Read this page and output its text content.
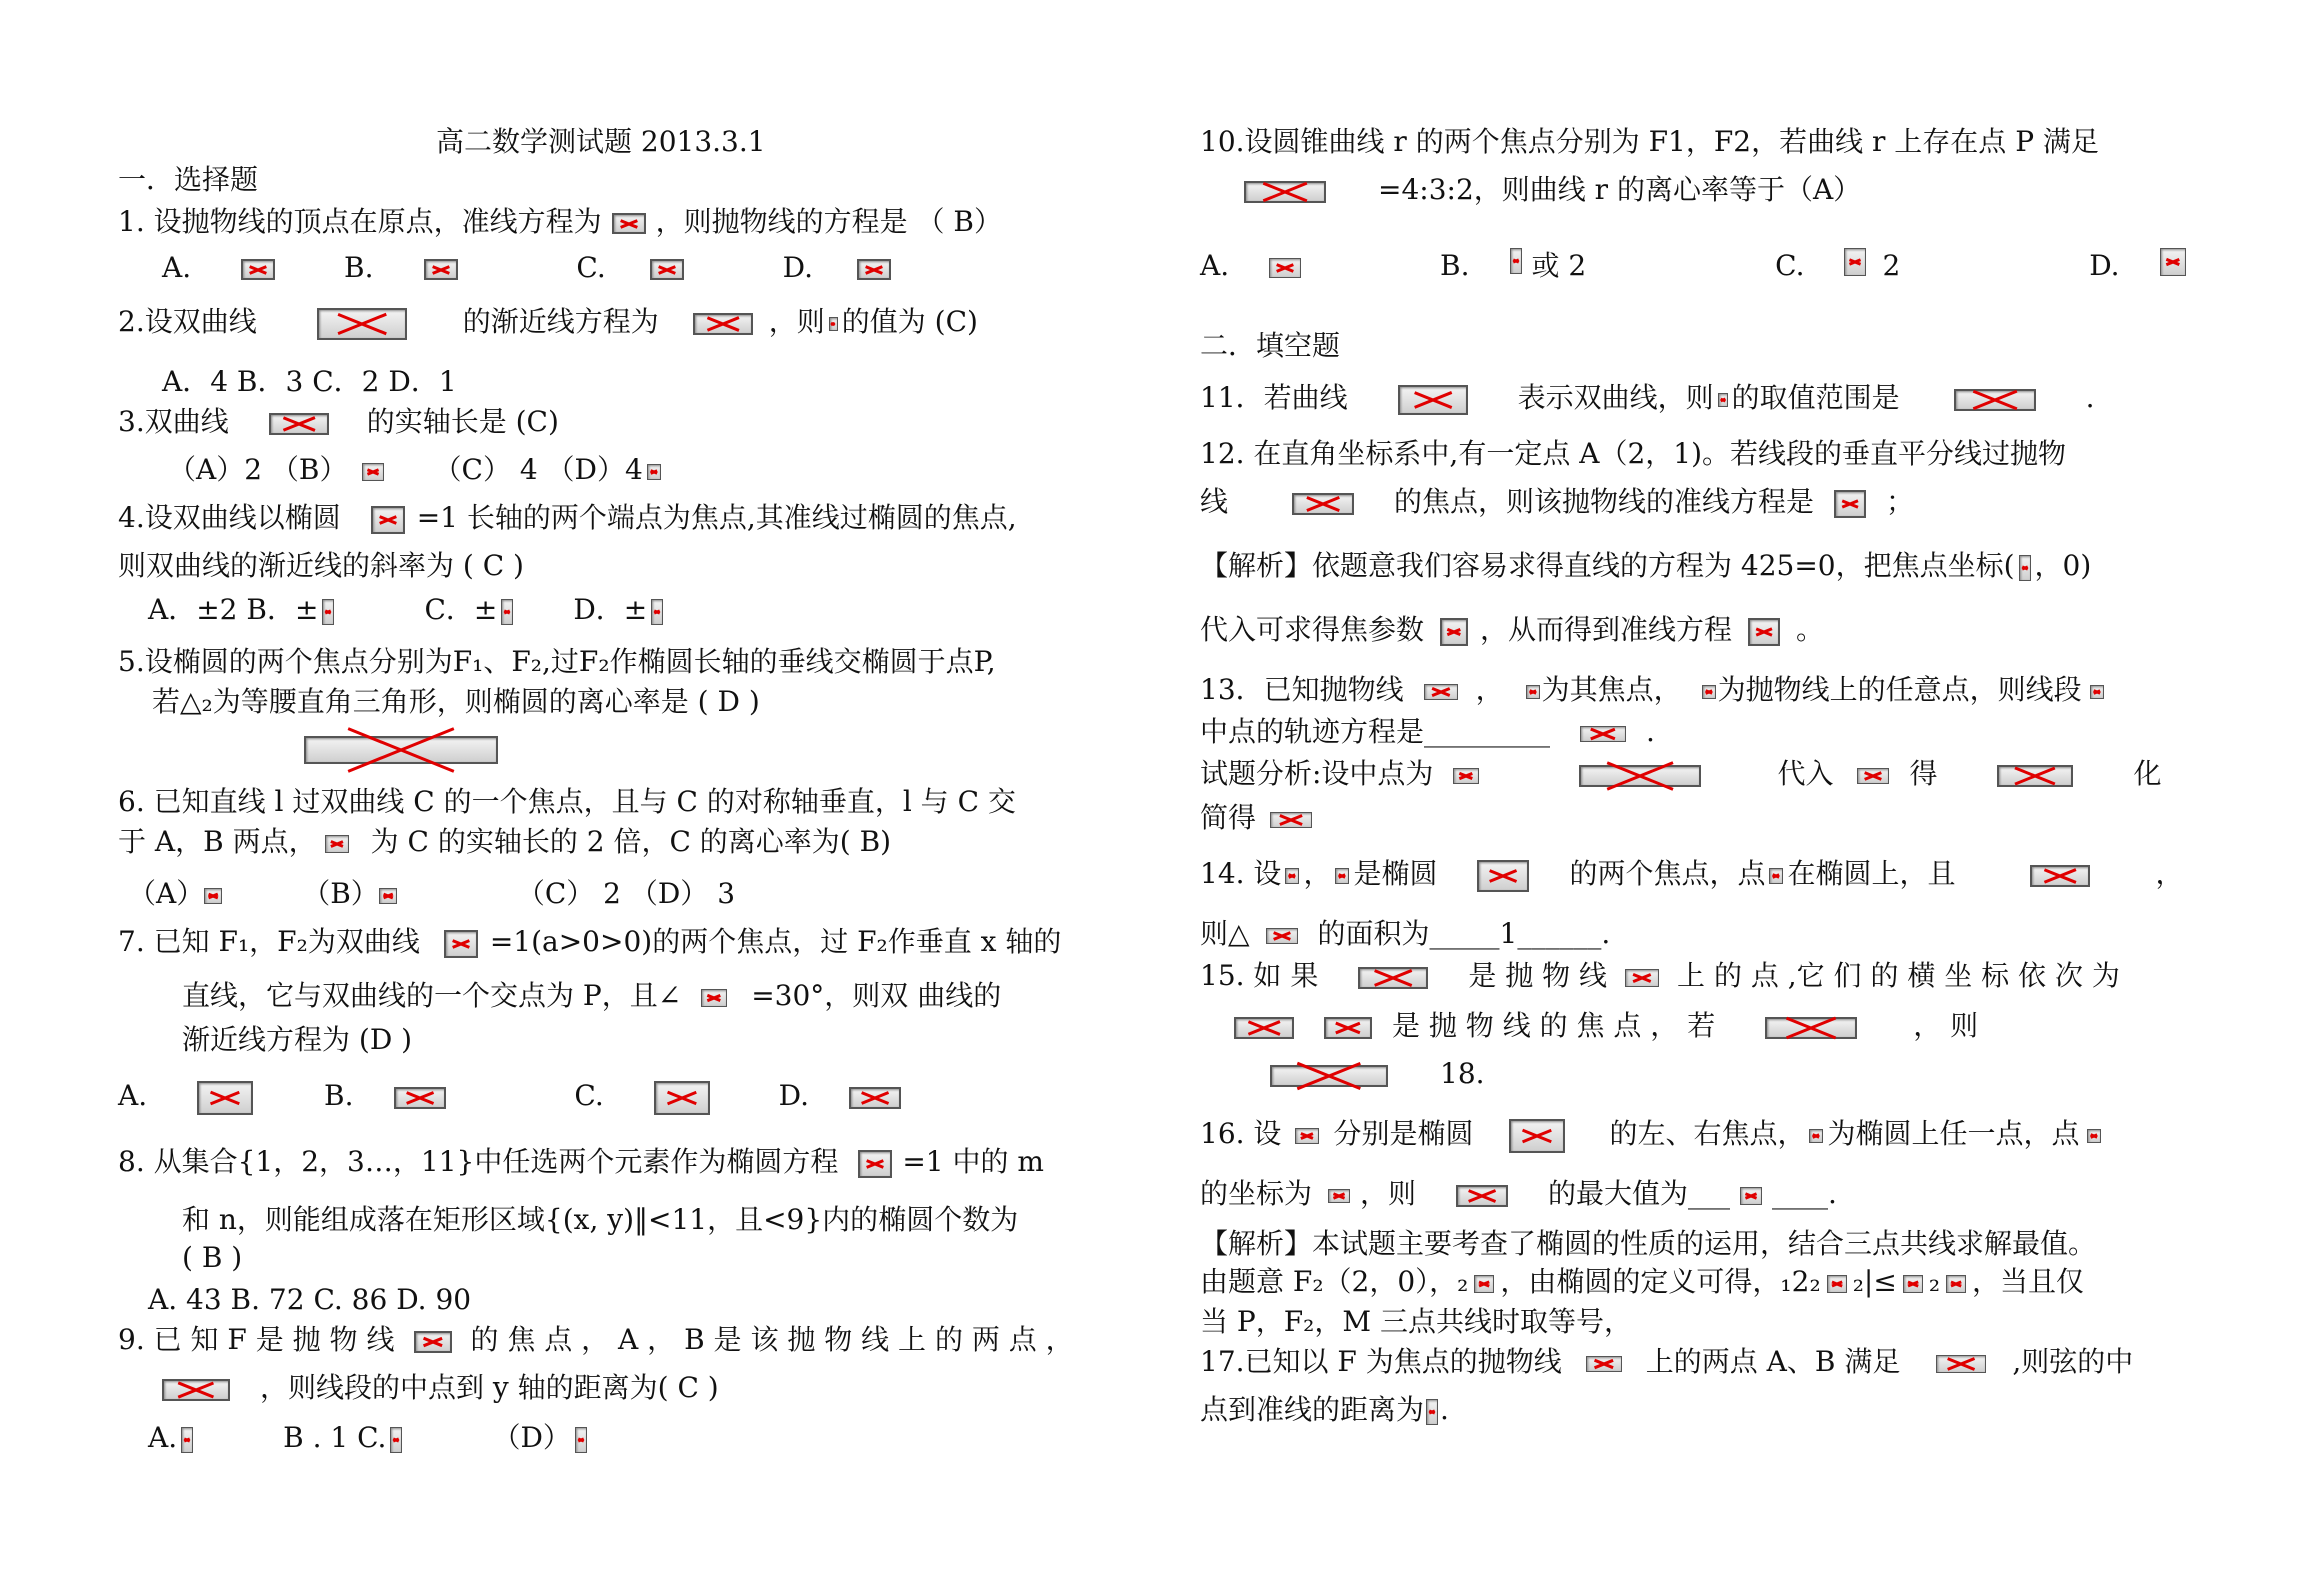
高二数学测试题 2013.3.1
一．选择题
1. 设抛物线的顶点在原点，准线方程为 ，则抛物线的方程是 （ B）
A.	B.	C.	D.
2.设双曲线	的渐近线方程为	，则 的值为 (C)
A．4 B．3 C．2 D．1
3.双曲线	的实轴长是 (C)
（A）2 （B）	（C） 4 （D）4
4.设双曲线以椭圆	=1 长轴的两个端点为焦点,其准线过椭圆的焦点,
则双曲线的渐近线的斜率为 ( C )
A．±2 B．±	C．±	D．±
5.设椭圆的两个焦点分别为F₁、F₂,过F₂作椭圆长轴的垂线交椭圆于点P,
若△₂为等腰直角三角形，则椭圆的离心率是 ( D )
6. 已知直线 l 过双曲线 C 的一个焦点，且与 C 的对称轴垂直，l 与 C 交
于 A，B 两点， 为 C 的实轴长的 2 倍，C 的离心率为( B)
（A）	（B）	（C） 2 （D） 3
7. 已知 F₁，F₂为双曲线	=1(a>0>0)的两个焦点，过 F₂作垂直 x 轴的
直线，它与双曲线的一个交点为 P，且∠	=30°，则双 曲线的
渐近线方程为 (D )
A.	B.	C.	D.
8. 从集合{1，2，3…，11}中任选两个元素作为椭圆方程 =1 中的 m
和 n，则能组成落在矩形区域{(x, y)‖<11，且<9}内的椭圆个数为
( B )
A. 43 B. 72 C. 86 D. 90
9. 已 知 F 是 抛 物 线	的 焦 点 ， A ， B 是 该 抛 物 线 上 的 两 点 ，
，则线段的中点到 y 轴的距离为( C )
A.	B . 1 C.	（D）
10.设圆锥曲线 r 的两个焦点分别为 F1，F2，若曲线 r 上存在点 P 满足
=4:3:2，则曲线 r 的离心率等于（A）
A.	B. 或 2	C.	2	D.
二．填空题
11．若曲线	表示双曲线，则 的取值范围是	.
12. 在直角坐标系中,有一定点 A（2，1)。若线段的垂直平分线过抛物
线	的焦点，则该抛物线的准线方程是	；
【解析】依题意我们容易求得直线的方程为 425=0，把焦点坐标( ，0)
代入可求得焦参数 ，从而得到准线方程 。
13．已知抛物线	， 为其焦点， 为抛物线上的任意点，则线段
中点的轨迹方程是_________	.
试题分析:设中点为	代入	得	化
简得
14. 设 ， 是椭圆	的两个焦点，点 在椭圆上，且	，
则△ 的面积为_____1______.
15. 如 果	是 抛 物 线	上 的 点 ,它 们 的 横 坐 标 依 次 为
是 抛 物 线 的 焦 点 ， 若	， 则
18.
16. 设 分别是椭圆	的左、右焦点， 为椭圆上任一点，点
的坐标为 ，则	的最大值为___ ____.
【解析】本试题主要考查了椭圆的性质的运用，结合三点共线求解最值。
由题意 F₂（2，0），₂ ，由椭圆的定义可得，₁2₂ ₂|≤ ₂ ，当且仅
当 P，F₂，M 三点共线时取等号，
17.已知以 F 为焦点的抛物线	上的两点 A、B 满足	,则弦的中
点到准线的距离为 .
